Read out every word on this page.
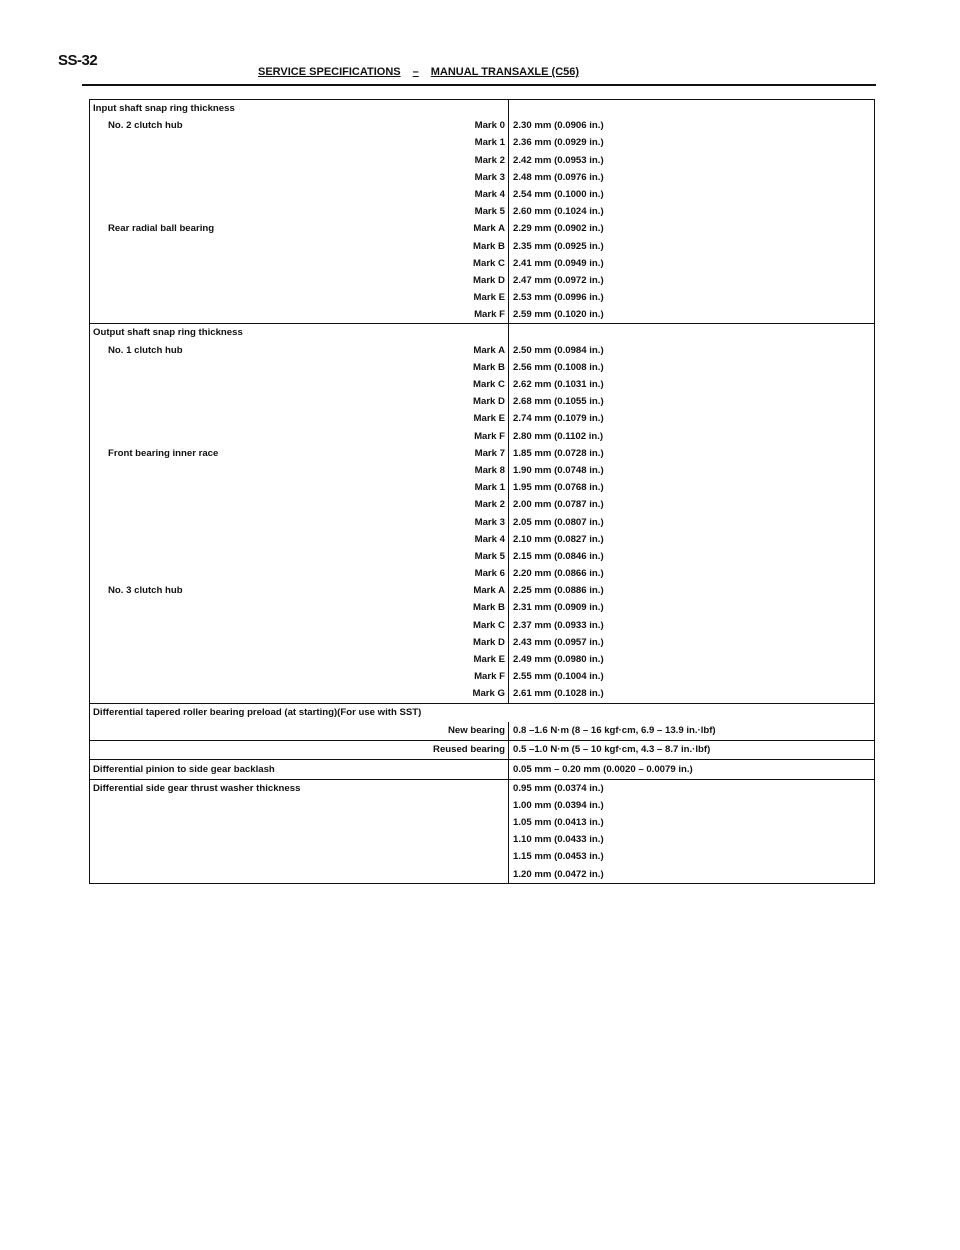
SS-32
SERVICE SPECIFICATIONS – MANUAL TRANSAXLE (C56)
Input shaft snap ring thickness
No. 2 clutch hub	Mark 0 2.30 mm (0.0906 in.)
Mark 1 2.36 mm (0.0929 in.)
Mark 2 2.42 mm (0.0953 in.)
Mark 3 2.48 mm (0.0976 in.)
Mark 4 2.54 mm (0.1000 in.)
Mark 5 2.60 mm (0.1024 in.)
Rear radial ball bearing	Mark A 2.29 mm (0.0902 in.)
Mark B 2.35 mm (0.0925 in.)
Mark C 2.41 mm (0.0949 in.)
Mark D 2.47 mm (0.0972 in.)
Mark E 2.53 mm (0.0996 in.)
Mark F 2.59 mm (0.1020 in.)
Output shaft snap ring thickness
No. 1 clutch hub	Mark A 2.50 mm (0.0984 in.)
Mark B 2.56 mm (0.1008 in.)
Mark C 2.62 mm (0.1031 in.)
Mark D 2.68 mm (0.1055 in.)
Mark E 2.74 mm (0.1079 in.)
Mark F 2.80 mm (0.1102 in.)
Front bearing inner race	Mark 7 1.85 mm (0.0728 in.)
Mark 8 1.90 mm (0.0748 in.)
Mark 1 1.95 mm (0.0768 in.)
Mark 2 2.00 mm (0.0787 in.)
Mark 3 2.05 mm (0.0807 in.)
Mark 4 2.10 mm (0.0827 in.)
Mark 5 2.15 mm (0.0846 in.)
Mark 6 2.20 mm (0.0866 in.)
No. 3 clutch hub	Mark A 2.25 mm (0.0886 in.)
Mark B 2.31 mm (0.0909 in.)
Mark C 2.37 mm (0.0933 in.)
Mark D 2.43 mm (0.0957 in.)
Mark E 2.49 mm (0.0980 in.)
Mark F 2.55 mm (0.1004 in.)
Mark G 2.61 mm (0.1028 in.)
Differential tapered roller bearing preload (at starting)(For use with SST)
New bearing 0.8 –1.6 N·m (8 – 16 kgf·cm, 6.9 – 13.9 in.·lbf)
Reused bearing 0.5 –1.0 N·m (5 – 10 kgf·cm, 4.3 – 8.7 in.·lbf)
Differential pinion to side gear backlash	0.05 mm – 0.20 mm (0.0020 – 0.0079 in.)
Differential side gear thrust washer thickness	0.95 mm (0.0374 in.)
1.00 mm (0.0394 in.)
1.05 mm (0.0413 in.)
1.10 mm (0.0433 in.)
1.15 mm (0.0453 in.)
1.20 mm (0.0472 in.)
